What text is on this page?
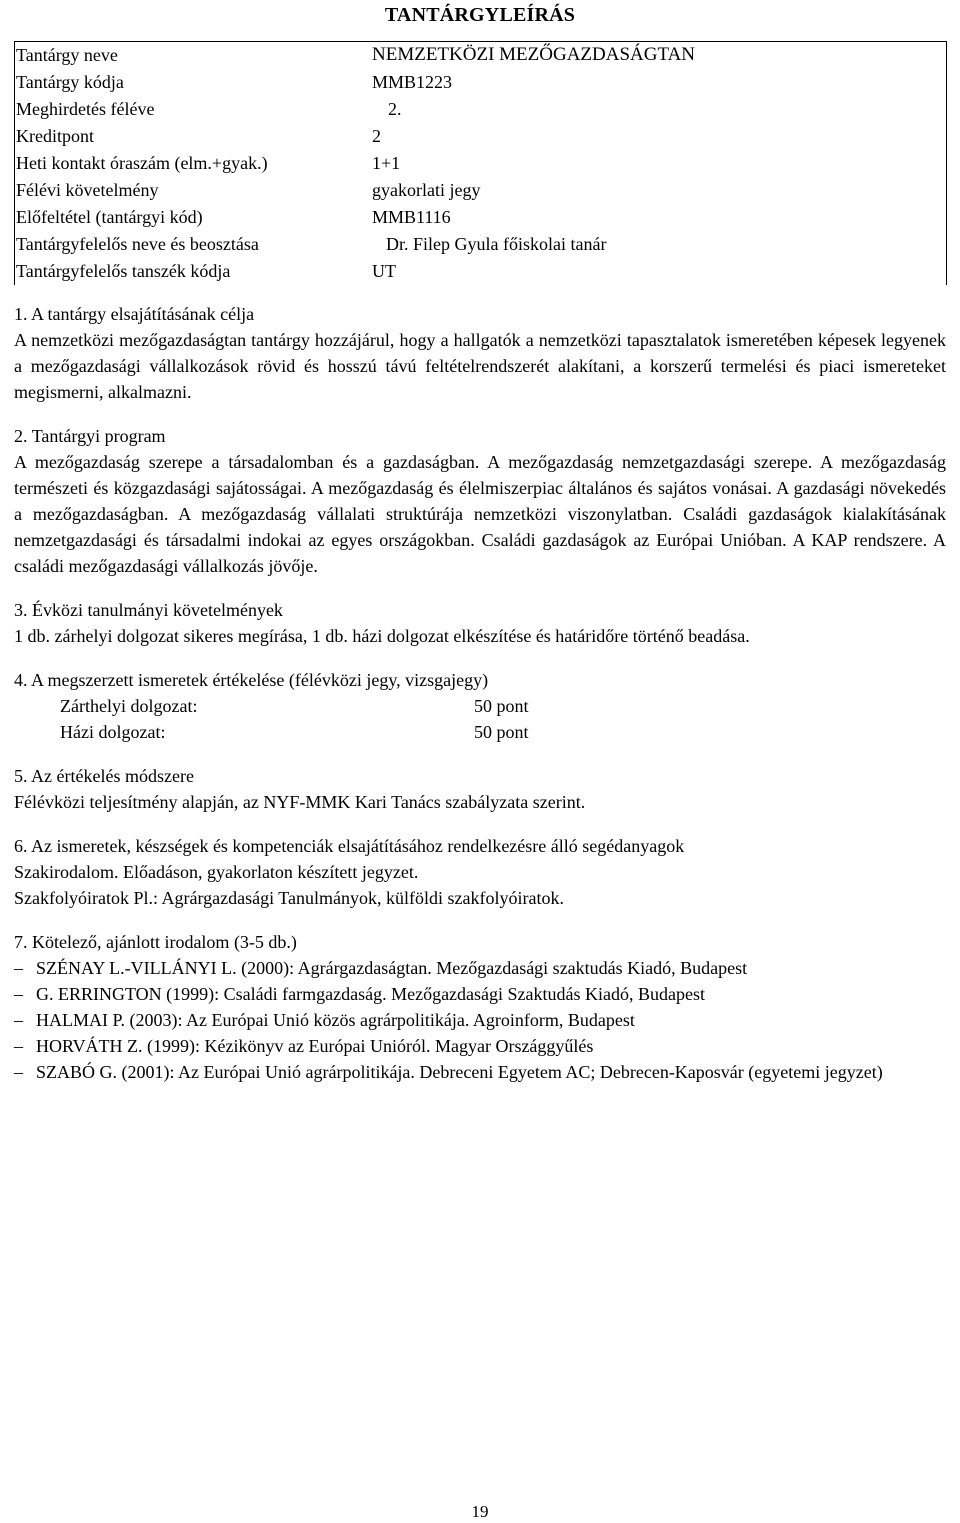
TANTÁRGYLEÍRÁS
Tantárgy neve	NEMZETKÖZI MEZŐGAZDASÁGTAN
Tantárgy kódja	MMB1223
Meghirdetés féléve	2.
Kreditpont	2
Heti kontakt óraszám (elm.+gyak.)	1+1
Félévi követelmény	gyakorlati jegy
Előfeltétel (tantárgyi kód)	MMB1116
Tantárgyfelelős neve és beosztása	Dr. Filep Gyula főiskolai tanár
Tantárgyfelelős tanszék kódja	UT
1. A tantárgy elsajátításának célja

A nemzetközi mezőgazdaságtan tantárgy hozzájárul, hogy a hallgatók a nemzetközi tapasztalatok ismeretében képesek legyenek a mezőgazdasági vállalkozások rövid és hosszú távú feltételrendszerét alakítani, a korszerű termelési és piaci ismereteket megismerni, alkalmazni.

2. Tantárgyi program

A mezőgazdaság szerepe a társadalomban és a gazdaságban. A mezőgazdaság nemzetgazdasági szerepe. A mezőgazdaság természeti és közgazdasági sajátosságai. A mezőgazdaság és élelmiszerpiac általános és sajátos vonásai. A gazdasági növekedés a mezőgazdaságban. A mezőgazdaság vállalati struktúrája nemzetközi viszonylatban. Családi gazdaságok kialakításának nemzetgazdasági és társadalmi indokai az egyes országokban. Családi gazdaságok az Európai Unióban. A KAP rendszere. A családi mezőgazdasági vállalkozás jövője.

3. Évközi tanulmányi követelmények

1 db. zárhelyi dolgozat sikeres megírása, 1 db. házi dolgozat elkészítése és határidőre történő beadása.

4. A megszerzett ismeretek értékelése (félévközi jegy, vizsgajegy)
Zárthelyi dolgozat:	50 pont
Házi dolgozat:	50 pont
5. Az értékelés módszere

Félévközi teljesítmény alapján, az NYF-MMK Kari Tanács szabályzata szerint.

6. Az ismeretek, készségek és kompetenciák elsajátításához rendelkezésre álló segédanyagok

Szakirodalom. Előadáson, gyakorlaton készített jegyzet.

Szakfolyóiratok Pl.: Agrárgazdasági Tanulmányok, külföldi szakfolyóiratok.

7. Kötelező, ajánlott irodalom (3-5 db.)
– SZÉNAY L.-VILLÁNYI L. (2000): Agrárgazdaságtan. Mezőgazdasági szaktudás Kiadó, Budapest
– G. ERRINGTON (1999): Családi farmgazdaság. Mezőgazdasági Szaktudás Kiadó, Budapest
– HALMAI P. (2003): Az Európai Unió közös agrárpolitikája. Agroinform, Budapest
– HORVÁTH Z. (1999): Kézikönyv az Európai Unióról. Magyar Országgyűlés
– SZABÓ G. (2001): Az Európai Unió agrárpolitikája. Debreceni Egyetem AC; Debrecen-Kaposvár (egyetemi jegyzet)
19
